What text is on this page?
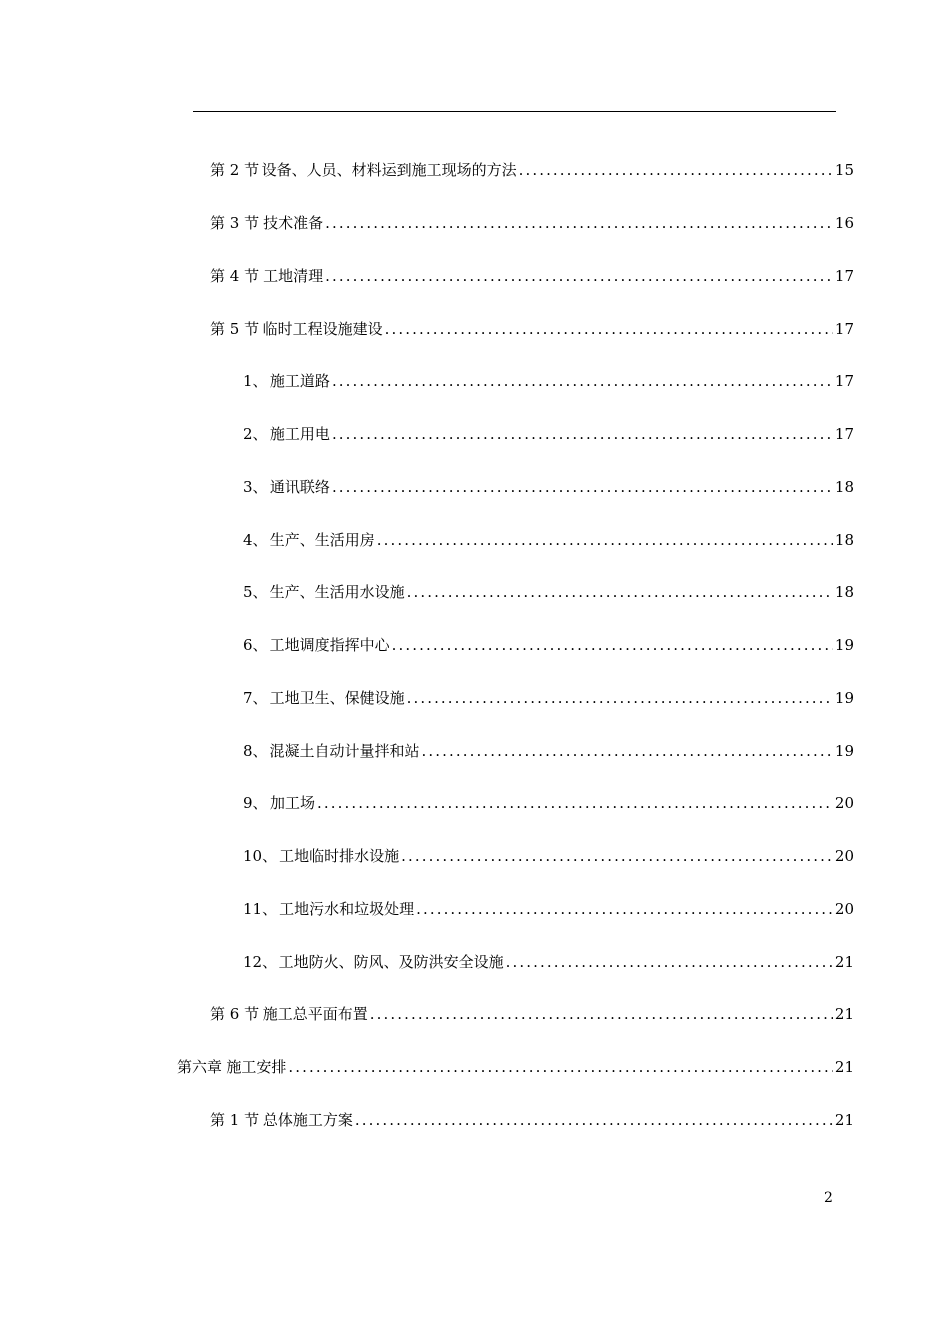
第 2 节 设备、人员、材料运到施工现场的方法 .....	15
第 3 节 技术准备 .....	16
第 4 节 工地清理 .....	17
第 5 节 临时工程设施建设 .....	17
1、 施工道路 .....	17
2、 施工用电 .....	17
3、 通讯联络 .....	18
4、 生产、生活用房 .....	18
5、 生产、生活用水设施 .....	18
6、 工地调度指挥中心 .....	19
7、 工地卫生、保健设施 .....	19
8、 混凝土自动计量拌和站 .....	19
9、 加工场 .....	20
10、 工地临时排水设施 .....	20
11、 工地污水和垃圾处理 .....	20
12、 工地防火、防风、及防洪安全设施 .....	21
第 6 节 施工总平面布置 .....	21
第六章 施工安排 .....	21
第 1 节 总体施工方案 .....	21
2
